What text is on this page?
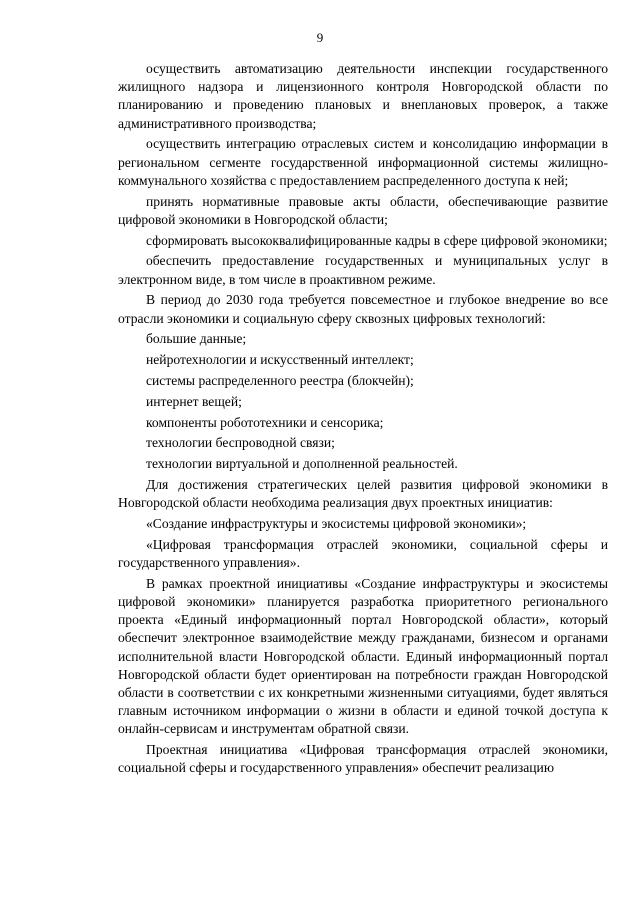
9

осуществить автоматизацию деятельности инспекции государственного жилищного надзора и лицензионного контроля Новгородской области по планированию и проведению плановых и внеплановых проверок, а также административного производства;

осуществить интеграцию отраслевых систем и консолидацию информации в региональном сегменте государственной информационной системы жилищно-коммунального хозяйства с предоставлением распределенного доступа к ней;

принять нормативные правовые акты области, обеспечивающие развитие цифровой экономики в Новгородской области;

сформировать высококвалифицированные кадры в сфере цифровой экономики;

обеспечить предоставление государственных и муниципальных услуг в электронном виде, в том числе в проактивном режиме.

В период до 2030 года требуется повсеместное и глубокое внедрение во все отрасли экономики и социальную сферу сквозных цифровых технологий:

большие данные;

нейротехнологии и искусственный интеллект;

системы распределенного реестра (блокчейн);

интернет вещей;

компоненты робототехники и сенсорика;

технологии беспроводной связи;

технологии виртуальной и дополненной реальностей.

Для достижения стратегических целей развития цифровой экономики в Новгородской области необходима реализация двух проектных инициатив:

«Создание инфраструктуры и экосистемы цифровой экономики»;

«Цифровая трансформация отраслей экономики, социальной сферы и государственного управления».

В рамках проектной инициативы «Создание инфраструктуры и экосистемы цифровой экономики» планируется разработка приоритетного регионального проекта «Единый информационный портал Новгородской области», который обеспечит электронное взаимодействие между гражданами, бизнесом и органами исполнительной власти Новгородской области. Единый информационный портал Новгородской области будет ориентирован на потребности граждан Новгородской области в соответствии с их конкретными жизненными ситуациями, будет являться главным источником информации о жизни в области и единой точкой доступа к онлайн-сервисам и инструментам обратной связи.

Проектная инициатива «Цифровая трансформация отраслей экономики, социальной сферы и государственного управления» обеспечит реализацию
